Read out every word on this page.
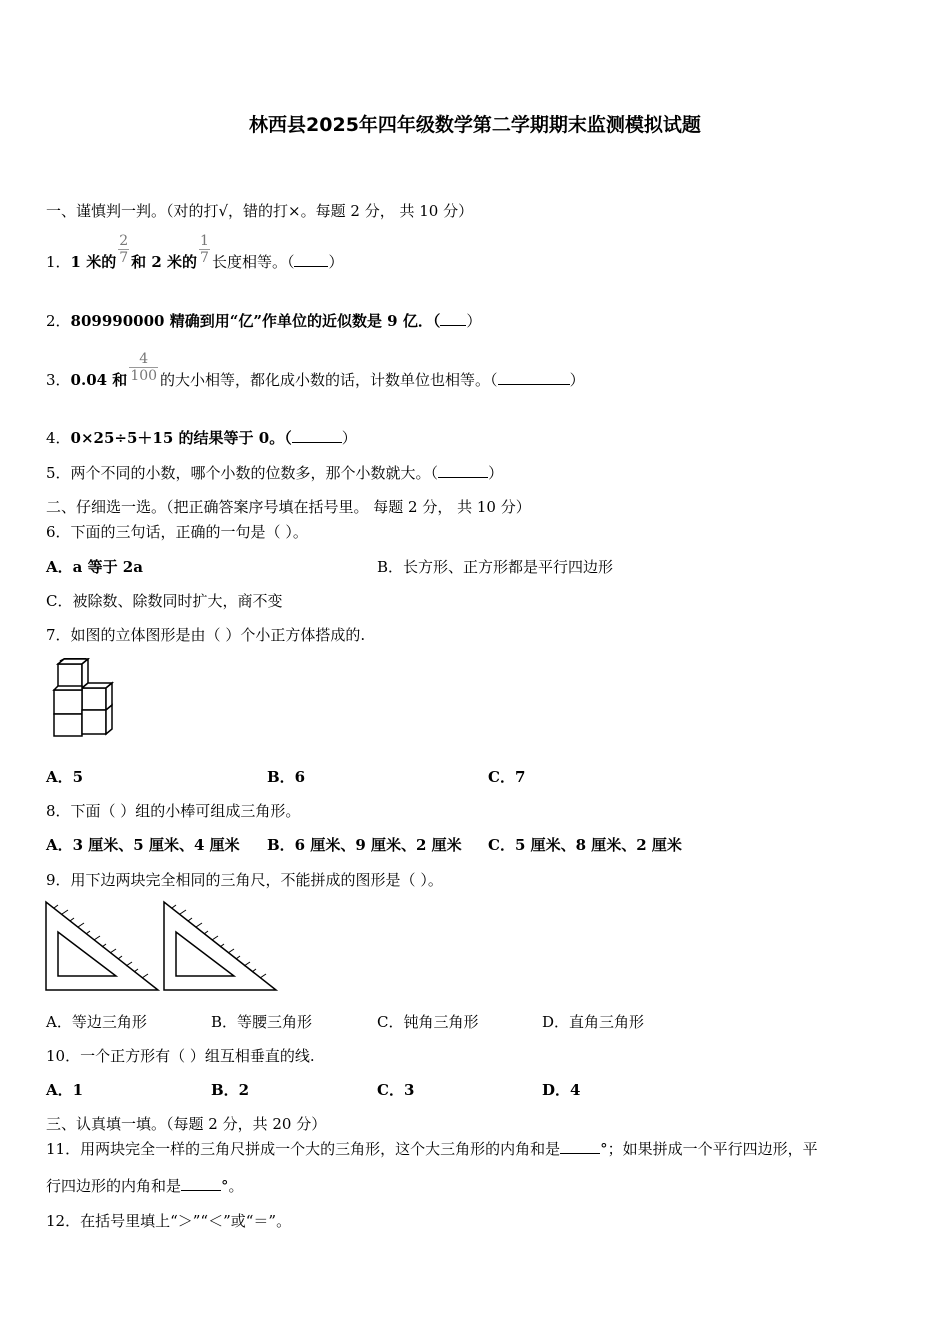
林西县2025年四年级数学第二学期期末监测模拟试题
一、谨慎判一判。（对的打√，错的打×。每题 2 分， 共 10 分）
1．1 米的 $\frac{2}{7}$ 和 2 米的 $\frac{1}{7}$ 长度相等。（ ）
2．809990000 精确到用“亿”作单位的近似数是 9 亿．（ ）
3．0.04 和 $\frac{4}{100}$ 的大小相等，都化成小数的话，计数单位也相等。（	）
4．0×25÷5＋15 的结果等于 0。（	）
5．两个不同的小数，哪个小数的位数多，那个小数就大。（	）
二、仔细选一选。（把正确答案序号填在括号里。 每题 2 分， 共 10 分）
6．下面的三句话，正确的一句是（ ）。
A．a 等于 2a	B．长方形、正方形都是平行四边形
C．被除数、除数同时扩大，商不变
7．如图的立体图形是由（ ）个小正方体搭成的.
A．5	B．6	C．7
8．下面（ ）组的小棒可组成三角形。
A．3 厘米、5 厘米、4 厘米 B．6 厘米、9 厘米、2 厘米 C．5 厘米、8 厘米、2 厘米
9．用下边两块完全相同的三角尺，不能拼成的图形是（ ）。
A．等边三角形	B．等腰三角形	C．钝角三角形	D．直角三角形
10．一个正方形有（ ）组互相垂直的线.
A．1	B．2	C．3	D．4
三、认真填一填。（每题 2 分，共 20 分）
11．用两块完全一样的三角尺拼成一个大的三角形，这个大三角形的内角和是	°；如果拼成一个平行四边形，平
行四边形的内角和是	°。
12．在括号里填上“＞”“＜”或“＝”。
